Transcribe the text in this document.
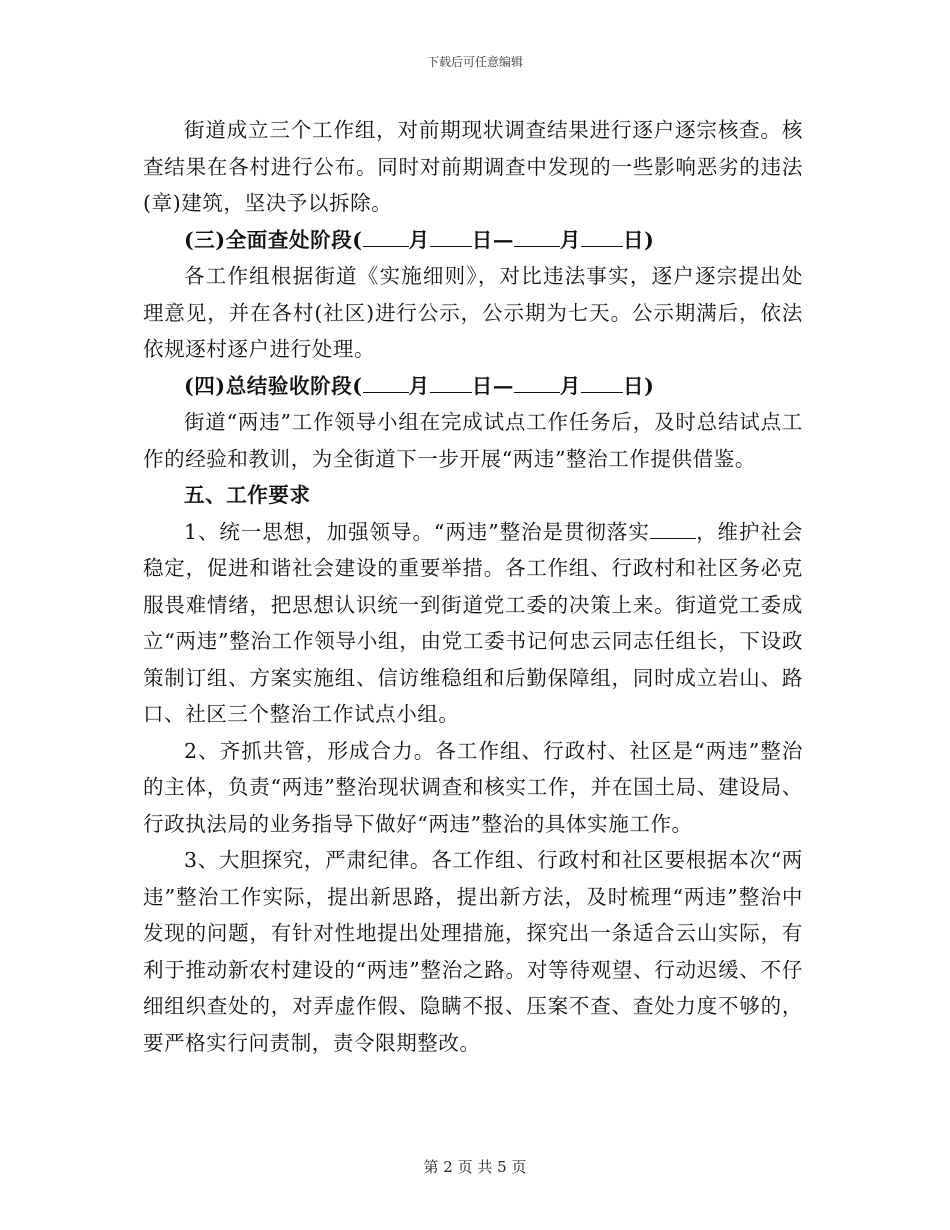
下载后可任意编辑

街道成立三个工作组，对前期现状调查结果进行逐户逐宗核查。核查结果在各村进行公布。同时对前期调查中发现的一些影响恶劣的违法(章)建筑，坚决予以拆除。

(三)全面查处阶段( 月 日— 月 日)

各工作组根据街道《实施细则》，对比违法事实，逐户逐宗提出处理意见，并在各村(社区)进行公示，公示期为七天。公示期满后，依法依规逐村逐户进行处理。

(四)总结验收阶段( 月 日— 月 日)

街道“两违”工作领导小组在完成试点工作任务后，及时总结试点工作的经验和教训，为全街道下一步开展“两违”整治工作提供借鉴。

五、工作要求

1、统一思想，加强领导。“两违”整治是贯彻落实 ，维护社会稳定，促进和谐社会建设的重要举措。各工作组、行政村和社区务必克服畏难情绪，把思想认识统一到街道党工委的决策上来。街道党工委成立“两违”整治工作领导小组，由党工委书记何忠云同志任组长，下设政策制订组、方案实施组、信访维稳组和后勤保障组，同时成立岩山、路口、社区三个整治工作试点小组。

2、齐抓共管，形成合力。各工作组、行政村、社区是“两违”整治的主体，负责“两违”整治现状调查和核实工作，并在国土局、建设局、行政执法局的业务指导下做好“两违”整治的具体实施工作。

3、大胆探究，严肃纪律。各工作组、行政村和社区要根据本次“两违”整治工作实际，提出新思路，提出新方法，及时梳理“两违”整治中发现的问题，有针对性地提出处理措施，探究出一条适合云山实际，有利于推动新农村建设的“两违”整治之路。对等待观望、行动迟缓、不仔细组织查处的，对弄虚作假、隐瞒不报、压案不查、查处力度不够的，要严格实行问责制，责令限期整改。

第 2 页 共 5 页
